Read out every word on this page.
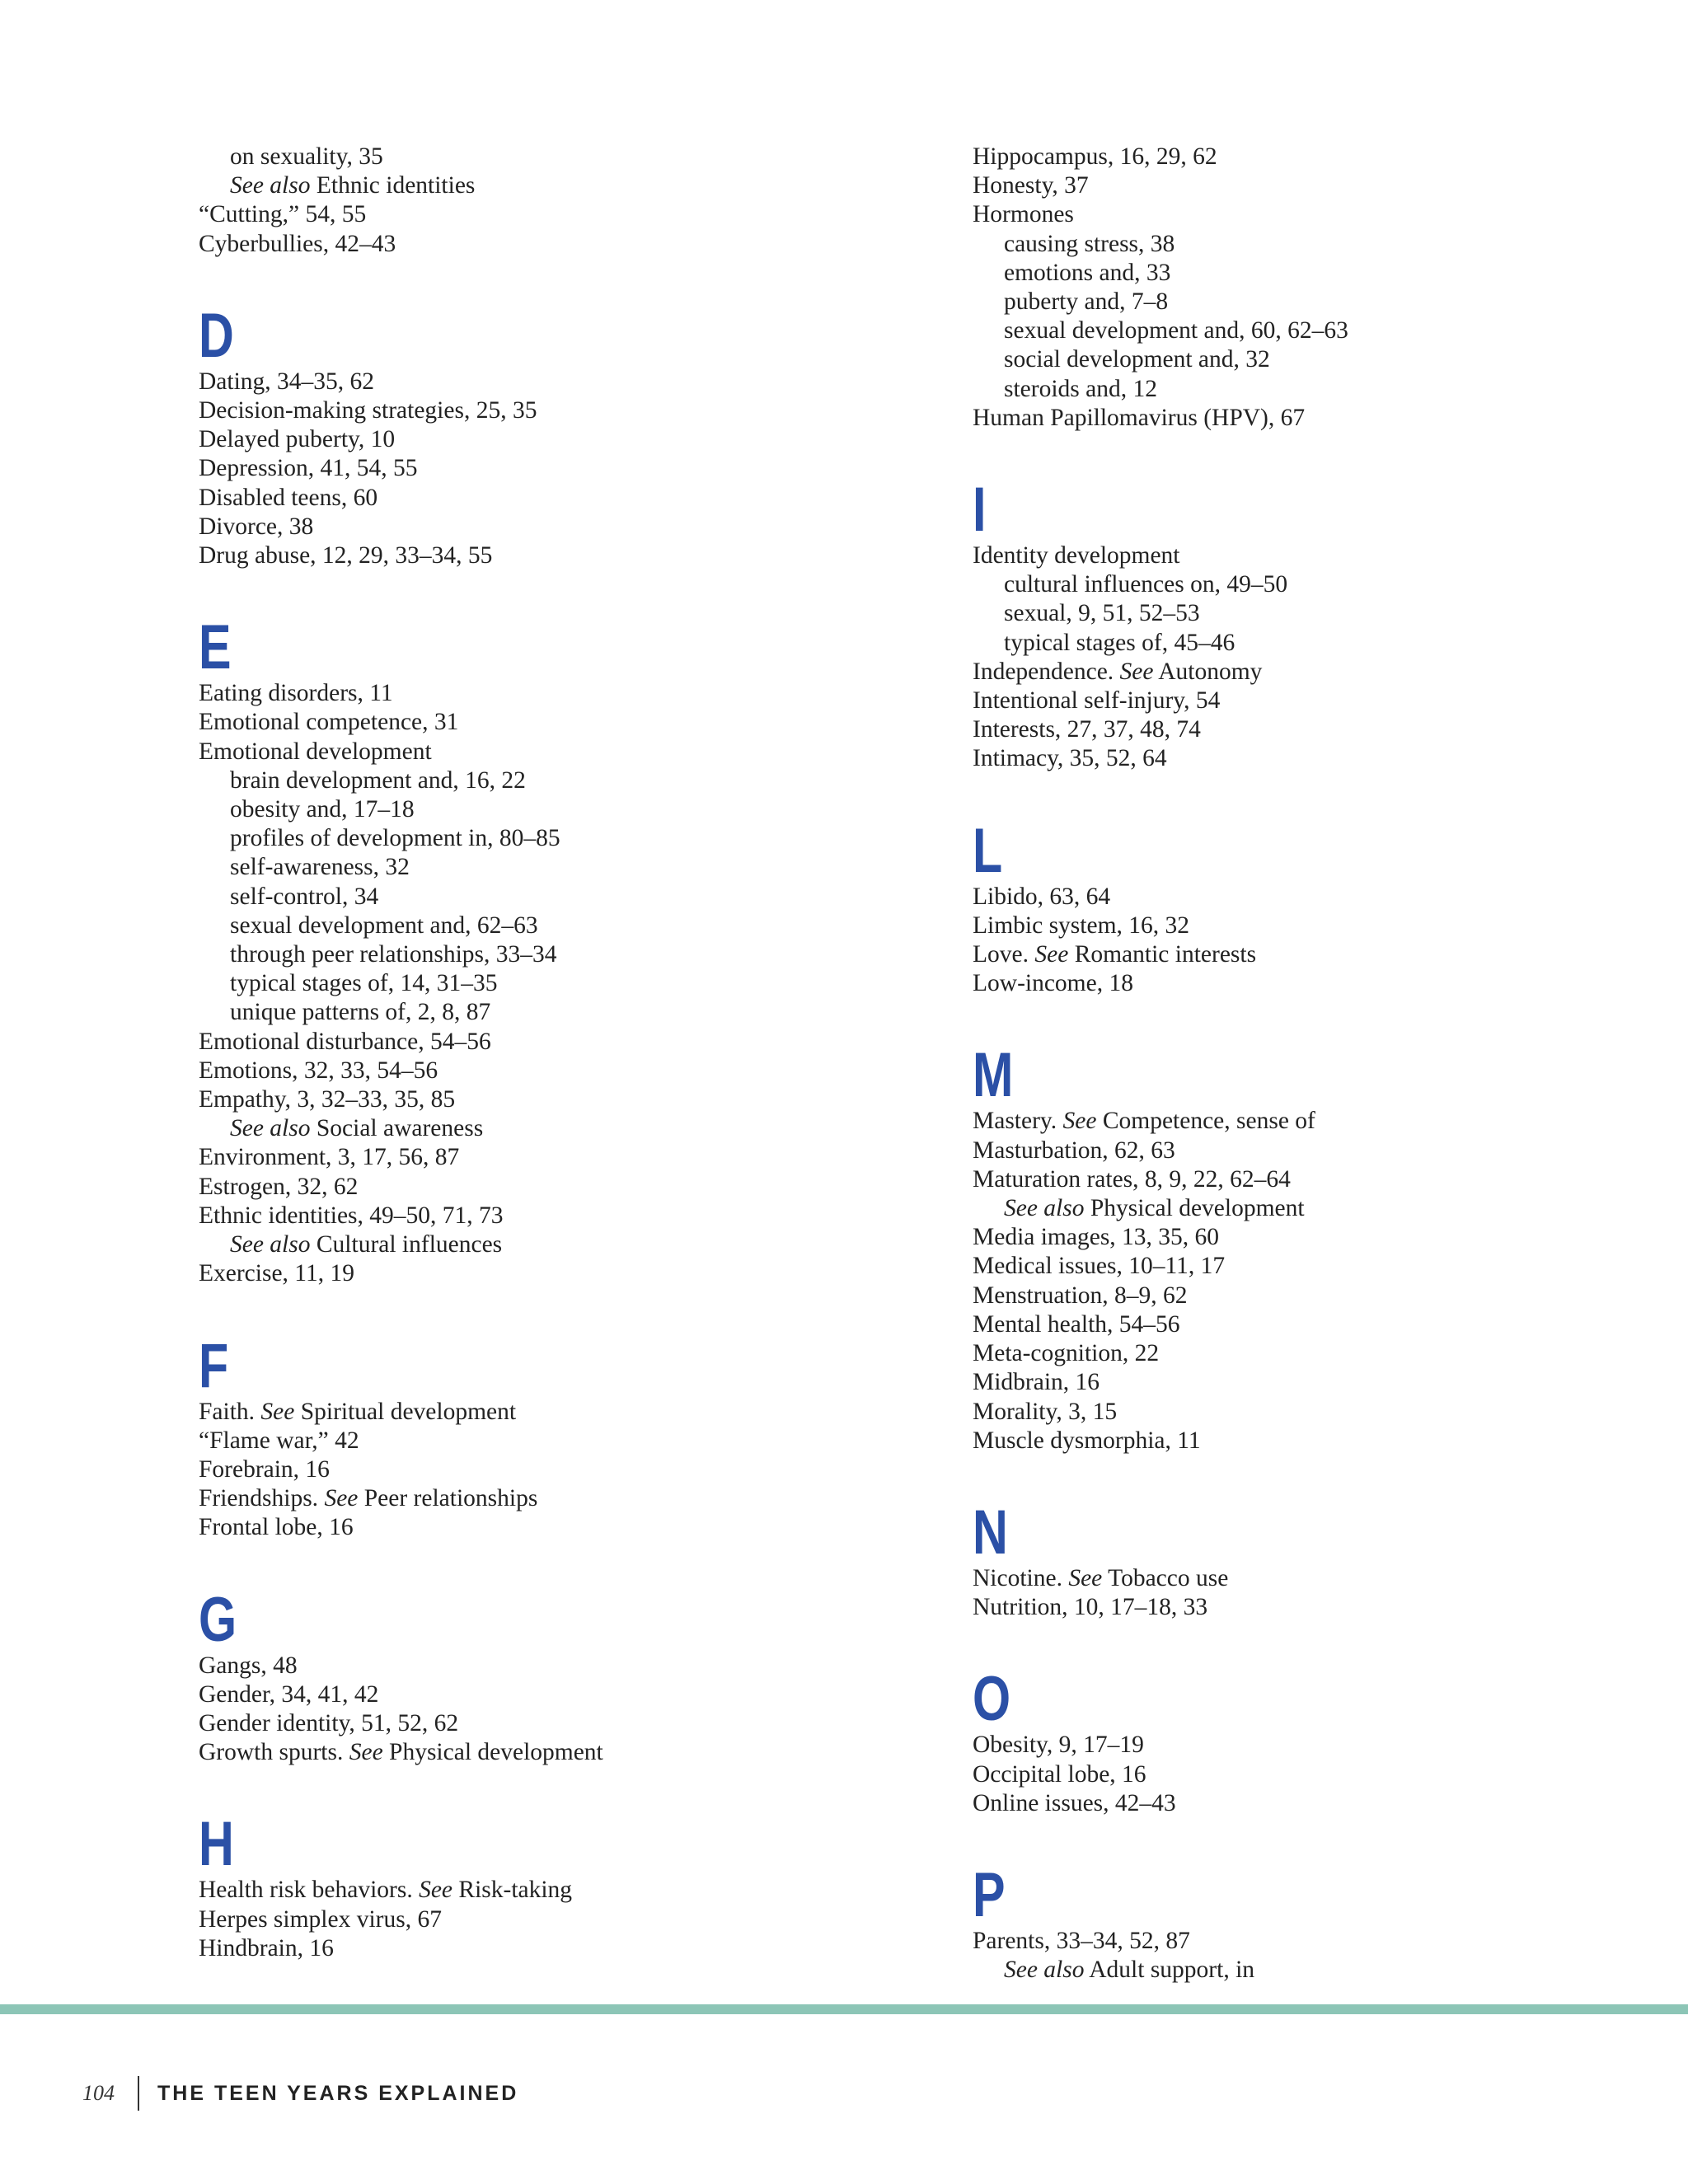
on sexuality, 35
See also Ethnic identities
“Cutting,” 54, 55
Cyberbullies, 42–43
D
Dating, 34–35, 62
Decision-making strategies, 25, 35
Delayed puberty, 10
Depression, 41, 54, 55
Disabled teens, 60
Divorce, 38
Drug abuse, 12, 29, 33–34, 55
E
Eating disorders, 11
Emotional competence, 31
Emotional development
brain development and, 16, 22
obesity and, 17–18
profiles of development in, 80–85
self-awareness, 32
self-control, 34
sexual development and, 62–63
through peer relationships, 33–34
typical stages of, 14, 31–35
unique patterns of, 2, 8, 87
Emotional disturbance, 54–56
Emotions, 32, 33, 54–56
Empathy, 3, 32–33, 35, 85
See also Social awareness
Environment, 3, 17, 56, 87
Estrogen, 32, 62
Ethnic identities, 49–50, 71, 73
See also Cultural influences
Exercise, 11, 19
F
Faith. See Spiritual development
“Flame war,” 42
Forebrain, 16
Friendships. See Peer relationships
Frontal lobe, 16
G
Gangs, 48
Gender, 34, 41, 42
Gender identity, 51, 52, 62
Growth spurts. See Physical development
H
Health risk behaviors. See Risk-taking
Herpes simplex virus, 67
Hindbrain, 16
Hippocampus, 16, 29, 62
Honesty, 37
Hormones
causing stress, 38
emotions and, 33
puberty and, 7–8
sexual development and, 60, 62–63
social development and, 32
steroids and, 12
Human Papillomavirus (HPV), 67
I
Identity development
cultural influences on, 49–50
sexual, 9, 51, 52–53
typical stages of, 45–46
Independence. See Autonomy
Intentional self-injury, 54
Interests, 27, 37, 48, 74
Intimacy, 35, 52, 64
L
Libido, 63, 64
Limbic system, 16, 32
Love. See Romantic interests
Low-income, 18
M
Mastery. See Competence, sense of
Masturbation, 62, 63
Maturation rates, 8, 9, 22, 62–64
See also Physical development
Media images, 13, 35, 60
Medical issues, 10–11, 17
Menstruation, 8–9, 62
Mental health, 54–56
Meta-cognition, 22
Midbrain, 16
Morality, 3, 15
Muscle dysmorphia, 11
N
Nicotine. See Tobacco use
Nutrition, 10, 17–18, 33
O
Obesity, 9, 17–19
Occipital lobe, 16
Online issues, 42–43
P
Parents, 33–34, 52, 87
See also Adult support, in
104 THE TEEN YEARS EXPLAINED
